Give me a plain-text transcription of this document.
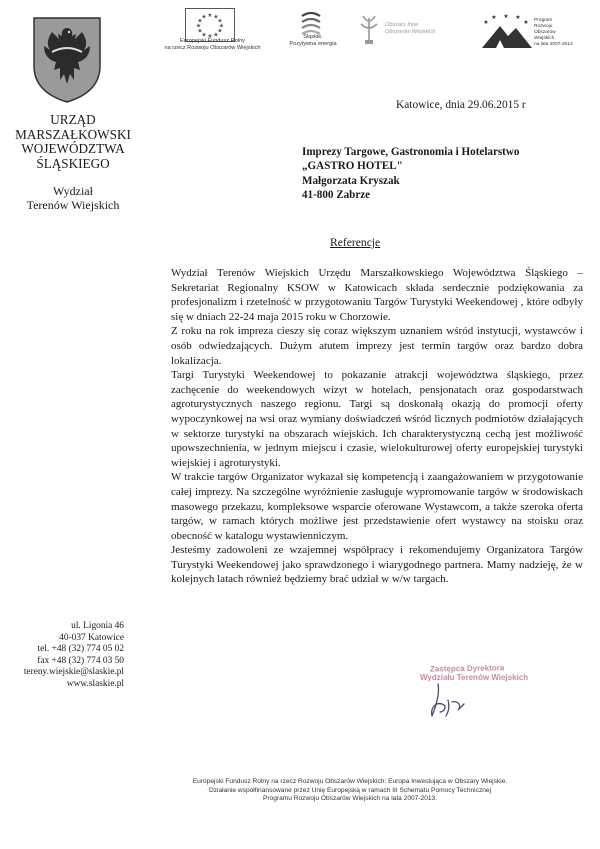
★ ★
★
★
★
★
★
★
★
★
★
★
Europejski Fundusz Rolny
na rzecz Rozwoju Obszarów Wiejskich
Śląskie.
Pozytywna energia
Obszary Inne
Obszarów Wiejskich
★
★ ★ ★
★ Program
Rozwoju
Obszarów
Wiejskich
na lata 2007-2013
URZĄD
MARSZAŁKOWSKI
WOJEWÓDZTWA
ŚLĄSKIEGO
Wydział
Terenów Wiejskich
Katowice, dnia 29.06.2015 r
Imprezy Targowe, Gastronomia i Hotelarstwo
„GASTRO HOTEL"
Małgorzata Kryszak
41-800 Zabrze
Referencje

Wydział Terenów Wiejskich Urzędu Marszałkowskiego Województwa Śląskiego – Sekretariat Regionalny KSOW w Katowicach składa serdecznie podziękowania za profesjonalizm i rzetelność w przygotowaniu Targów Turystyki Weekendowej , które odbyły się w dniach 22-24 maja 2015 roku w Chorzowie.

Z roku na rok impreza cieszy się coraz większym uznaniem wśród instytucji, wystawców i osób odwiedzających. Dużym atutem imprezy jest termin targów oraz bardzo dobra lokalizacja.

Targi Turystyki Weekendowej to pokazanie atrakcji województwa śląskiego, przez zachęcenie do weekendowych wizyt w hotelach, pensjonatach oraz gospodarstwach agroturystycznych naszego regionu. Targi są doskonałą okazją do promocji oferty wypoczynkowej na wsi oraz wymiany doświadczeń wśród licznych podmiotów działających w sektorze turystyki na obszarach wiejskich. Ich charakterystyczną cechą jest możliwość upowszechnienia, w jednym miejscu i czasie, wielokulturowej oferty europejskiej turystyki wiejskiej i agroturystyki.

W trakcie targów Organizator wykazał się kompetencją i zaangażowaniem w przygotowanie całej imprezy. Na szczególne wyróżnienie zasługuje wypromowanie targów w środowiskach masowego przekazu, kompleksowe wsparcie oferowane Wystawcom, a także szeroka oferta targów, w ramach których możliwe jest przedstawienie ofert wystawcy na stoisku oraz obecność w katalogu wystawienniczym.

Jesteśmy zadowoleni ze wzajemnej współpracy i rekomendujemy Organizatora Targów Turystyki Weekendowej jako sprawdzonego i wiarygodnego partnera. Mamy nadzieję, że w kolejnych latach również będziemy brać udział w w/w targach.

Zastępca Dyrektora
Wydziału Terenów Wiejskich
ul. Ligonia 46
40-037 Katowice
tel. +48 (32) 774 05 02
fax +48 (32) 774 03 50
tereny.wiejskie@slaskie.pl
www.slaskie.pl
Europejski Fundusz Rolny na rzecz Rozwoju Obszarów Wiejskich: Europa Inwestująca w Obszary Wiejskie.
Działanie współfinansowane przez Unię Europejską w ramach III Schematu Pomocy Technicznej
Programu Rozwoju Obszarów Wiejskich na lata 2007-2013.
